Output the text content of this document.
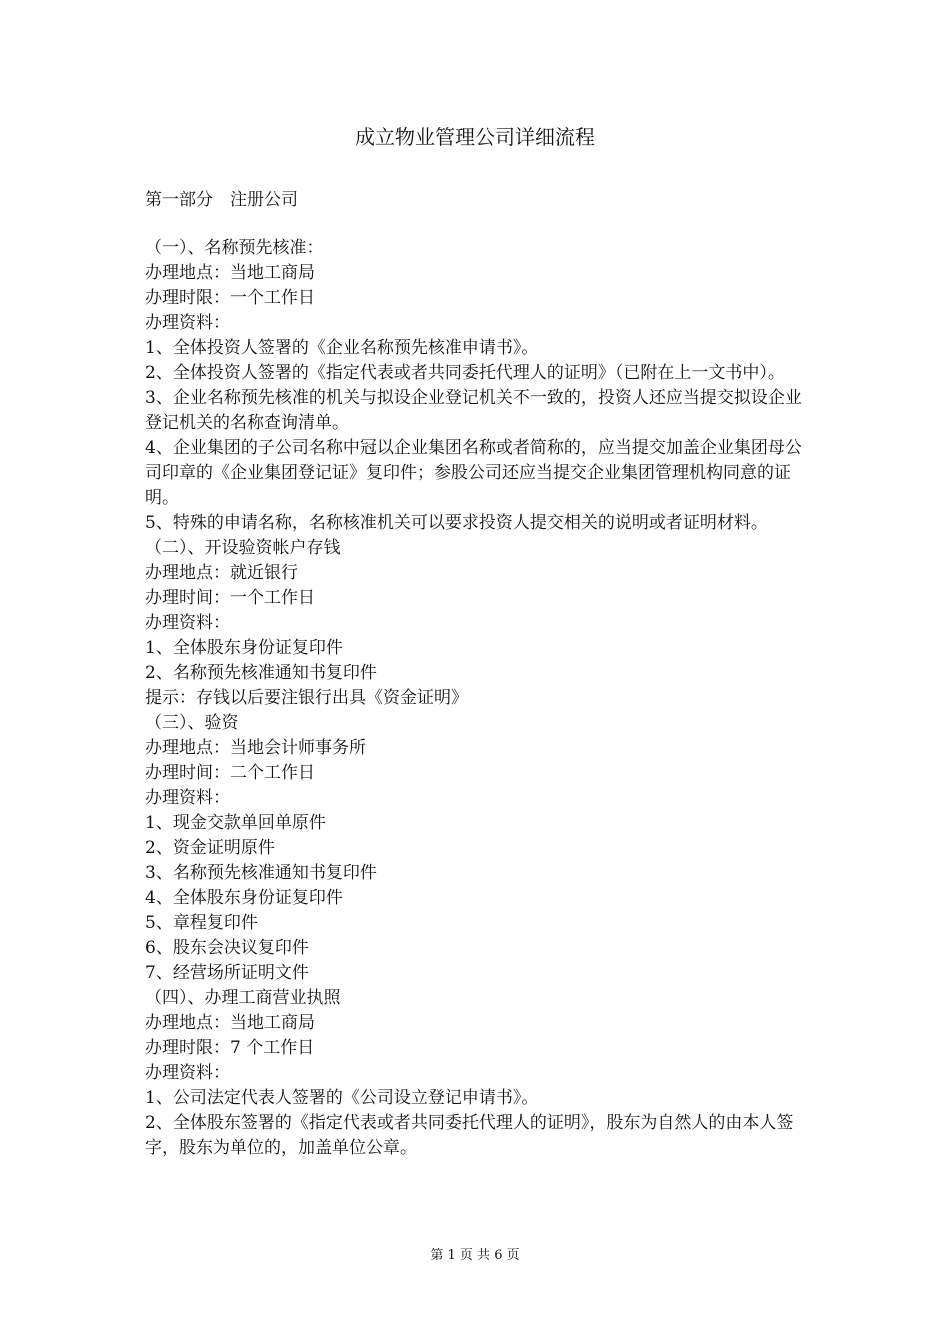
成立物业管理公司详细流程
第一部分　注册公司
（一）、名称预先核准：
办理地点：当地工商局
办理时限：一个工作日
办理资料：
1、全体投资人签署的《企业名称预先核准申请书》。
2、全体投资人签署的《指定代表或者共同委托代理人的证明》（已附在上一文书中）。
3、企业名称预先核准的机关与拟设企业登记机关不一致的，投资人还应当提交拟设企业登记机关的名称查询清单。
4、企业集团的子公司名称中冠以企业集团名称或者简称的，应当提交加盖企业集团母公司印章的《企业集团登记证》复印件；参股公司还应当提交企业集团管理机构同意的证明。
5、特殊的申请名称，名称核准机关可以要求投资人提交相关的说明或者证明材料。
（二）、开设验资帐户存钱
办理地点：就近银行
办理时间：一个工作日
办理资料：
1、全体股东身份证复印件
2、名称预先核准通知书复印件
提示：存钱以后要注银行出具《资金证明》
（三）、验资
办理地点：当地会计师事务所
办理时间：二个工作日
办理资料：
1、现金交款单回单原件
2、资金证明原件
3、名称预先核准通知书复印件
4、全体股东身份证复印件
5、章程复印件
6、股东会决议复印件
7、经营场所证明文件
（四）、办理工商营业执照
办理地点：当地工商局
办理时限：7 个工作日
办理资料：
1、公司法定代表人签署的《公司设立登记申请书》。
2、全体股东签署的《指定代表或者共同委托代理人的证明》，股东为自然人的由本人签字，股东为单位的，加盖单位公章。
第 1 页 共 6 页
